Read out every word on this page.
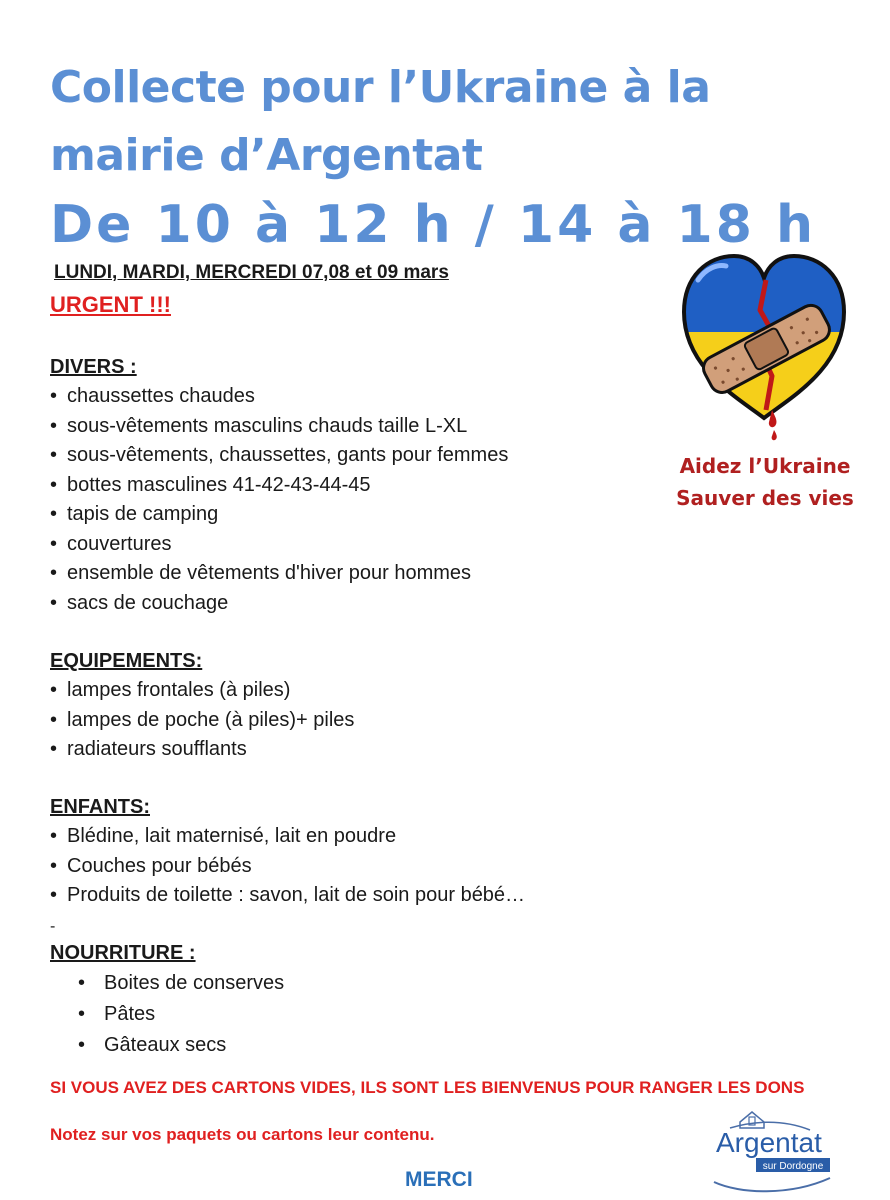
Collecte pour l’Ukraine à la
mairie d’Argentat
De 10 à 12 h / 14 à 18 h
LUNDI, MARDI, MERCREDI 07,08 et 09 mars
URGENT !!!
DIVERS :
• chaussettes chaudes
• sous-vêtements masculins chauds taille L-XL
• sous-vêtements, chaussettes, gants pour femmes
• bottes masculines 41-42-43-44-45
• tapis de camping
• couvertures
• ensemble de vêtements d'hiver pour hommes
• sacs de couchage
EQUIPEMENTS:
• lampes frontales (à piles)
• lampes de poche (à piles)+ piles
• radiateurs soufflants
ENFANTS:
• Blédine, lait maternisé, lait en poudre
• Couches pour bébés
• Produits de toilette : savon, lait de soin pour bébé…
-
NOURRITURE :
• Boites de conserves
• Pâtes
• Gâteaux secs
SI VOUS AVEZ DES CARTONS VIDES, ILS SONT LES BIENVENUS POUR RANGER LES DONS
Notez sur vos paquets ou cartons leur contenu.
MERCI
Aidez l’Ukraine
Sauver des vies
Argentat
sur Dordogne
